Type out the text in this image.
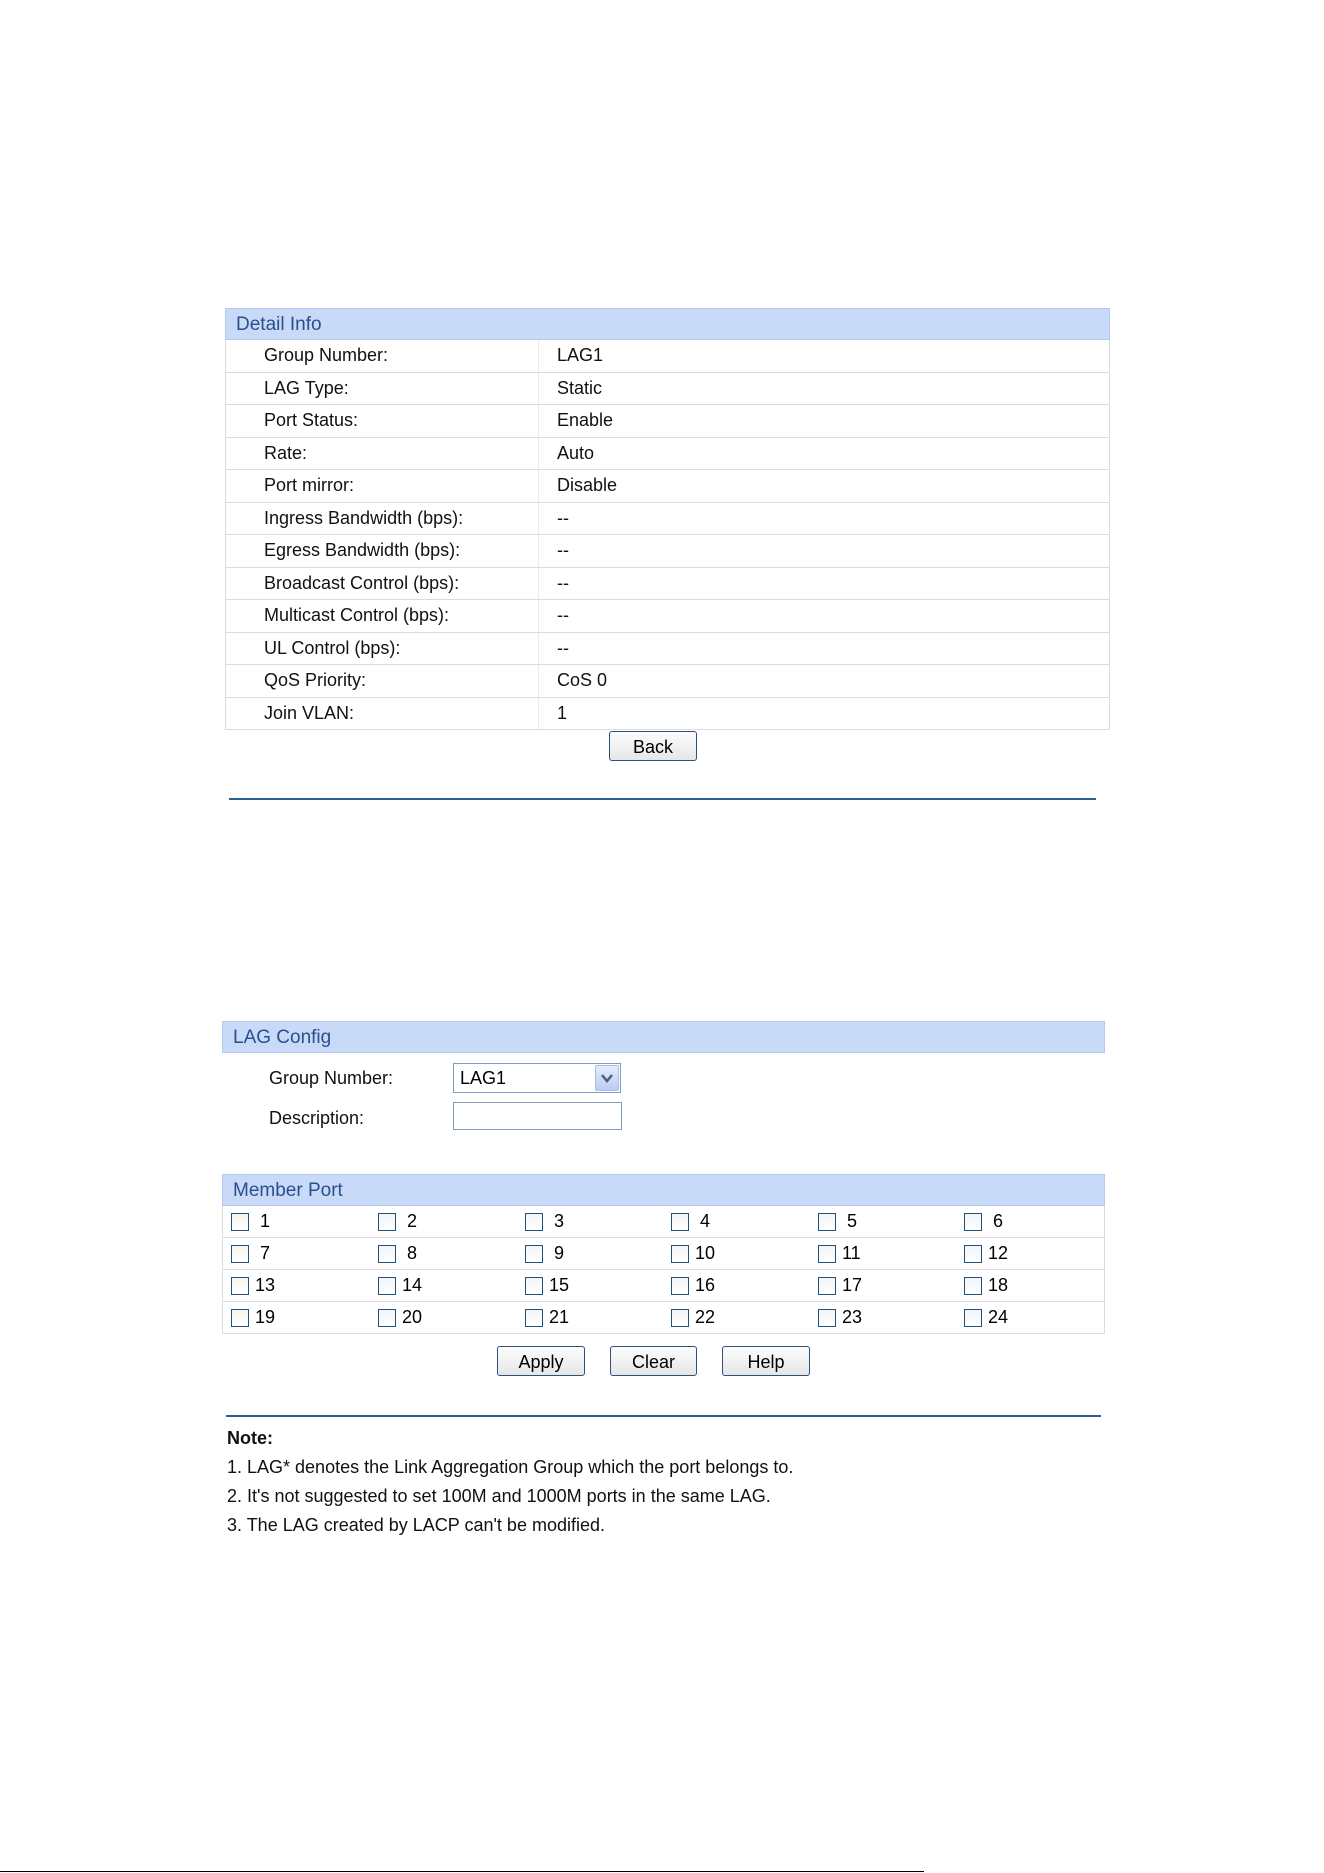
Detail Info
Group Number:	LAG1
LAG Type:	Static
Port Status:	Enable
Rate:	Auto
Port mirror:	Disable
Ingress Bandwidth (bps):	--
Egress Bandwidth (bps):	--
Broadcast Control (bps):	--
Multicast Control (bps):	--
UL Control (bps):	--
QoS Priority:	CoS 0
Join VLAN:	1
Back
LAG Config
Group Number:	LAG1
Description:
Member Port
1	2	3	4	5	6
7	8	9	10	11	12
13	14	15	16	17	18
19	20	21	22	23	24
Apply	Clear	Help
Note:
1. LAG* denotes the Link Aggregation Group which the port belongs to.
2. It's not suggested to set 100M and 1000M ports in the same LAG.
3. The LAG created by LACP can't be modified.
